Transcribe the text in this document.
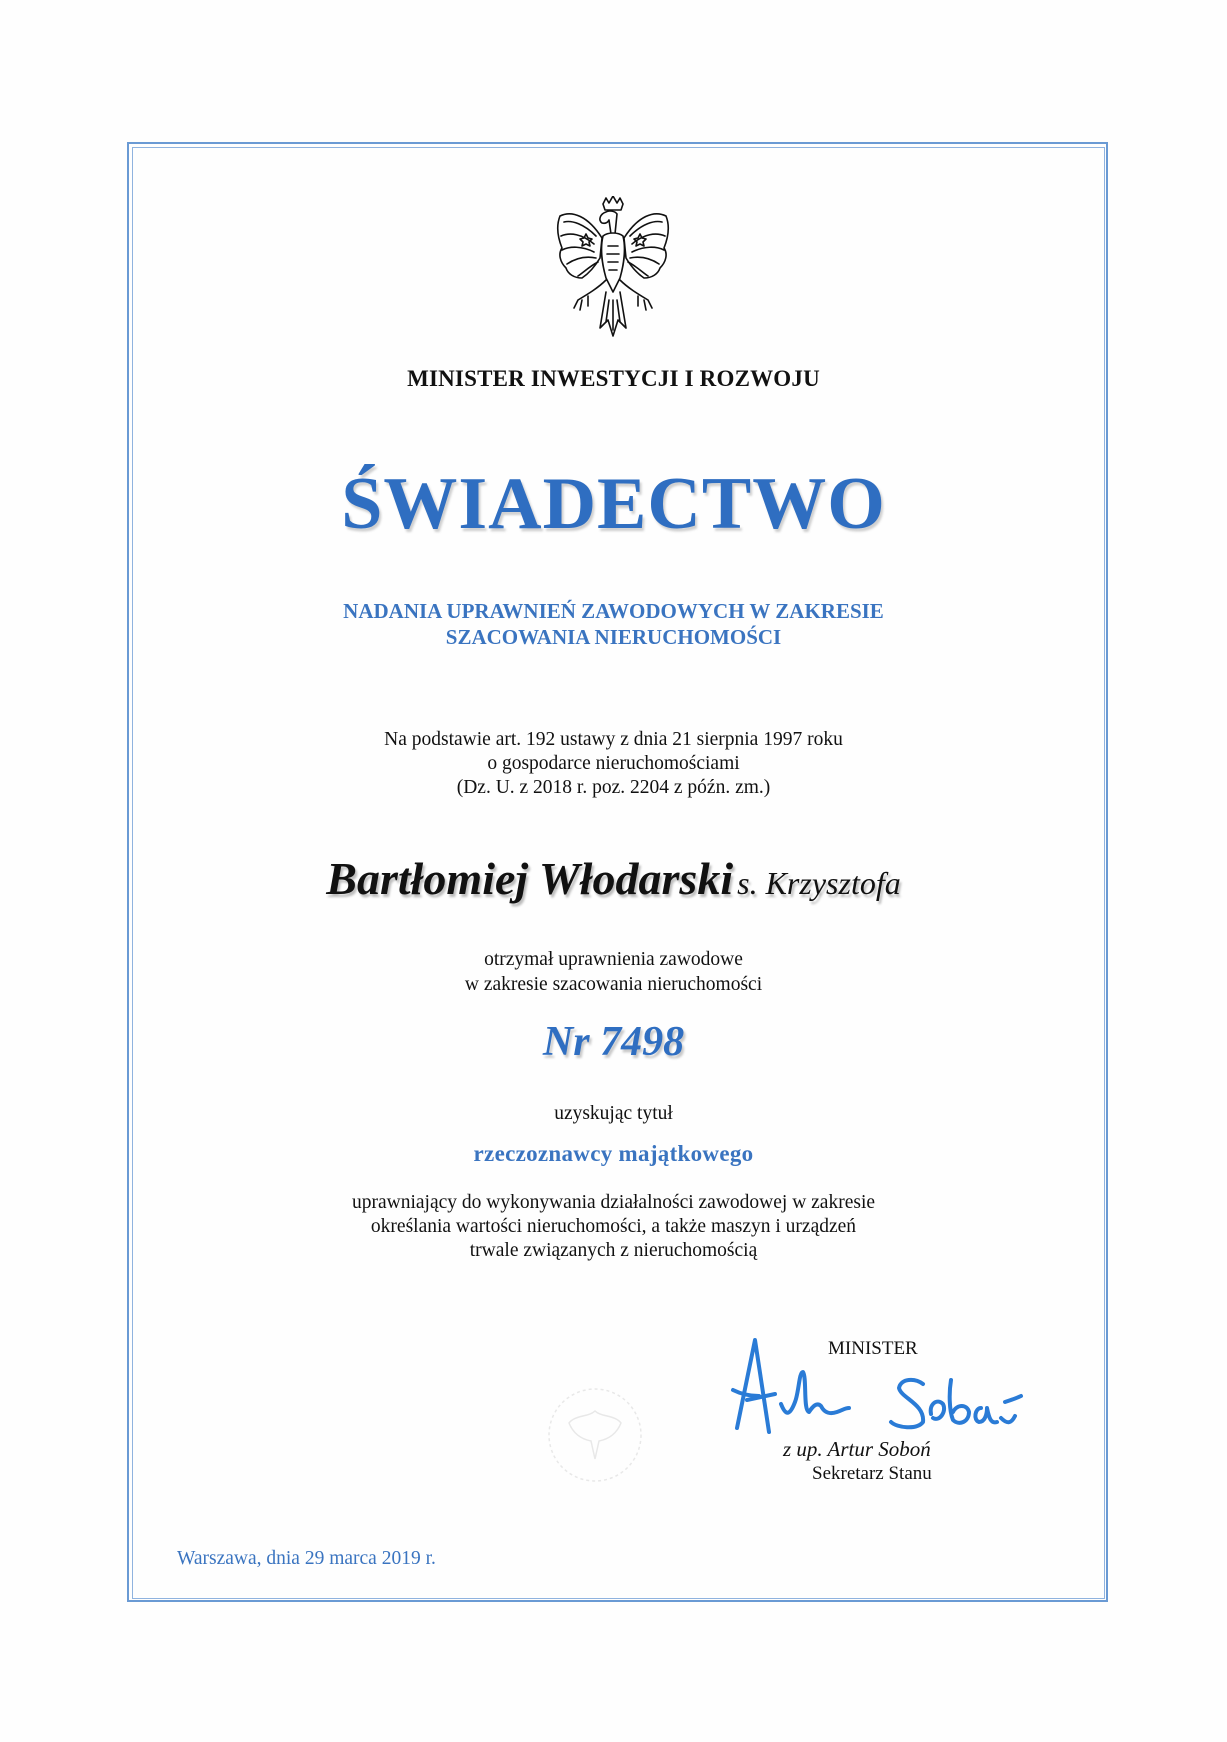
MINISTER INWESTYCJI I ROZWOJU
ŚWIADECTWO
NADANIA UPRAWNIEŃ ZAWODOWYCH W ZAKRESIE
SZACOWANIA NIERUCHOMOŚCI
Na podstawie art. 192 ustawy z dnia 21 sierpnia 1997 roku
o gospodarce nieruchomościami
(Dz. U. z 2018 r. poz. 2204 z późn. zm.)
Bartłomiej Włodarski s. Krzysztofa
otrzymał uprawnienia zawodowe
w zakresie szacowania nieruchomości
Nr 7498
uzyskując tytuł
rzeczoznawcy majątkowego
uprawniający do wykonywania działalności zawodowej w zakresie
określania wartości nieruchomości, a także maszyn i urządzeń
trwale związanych z nieruchomością
MINISTER
z up. Artur Soboń
Sekretarz Stanu
Warszawa, dnia 29 marca 2019 r.
